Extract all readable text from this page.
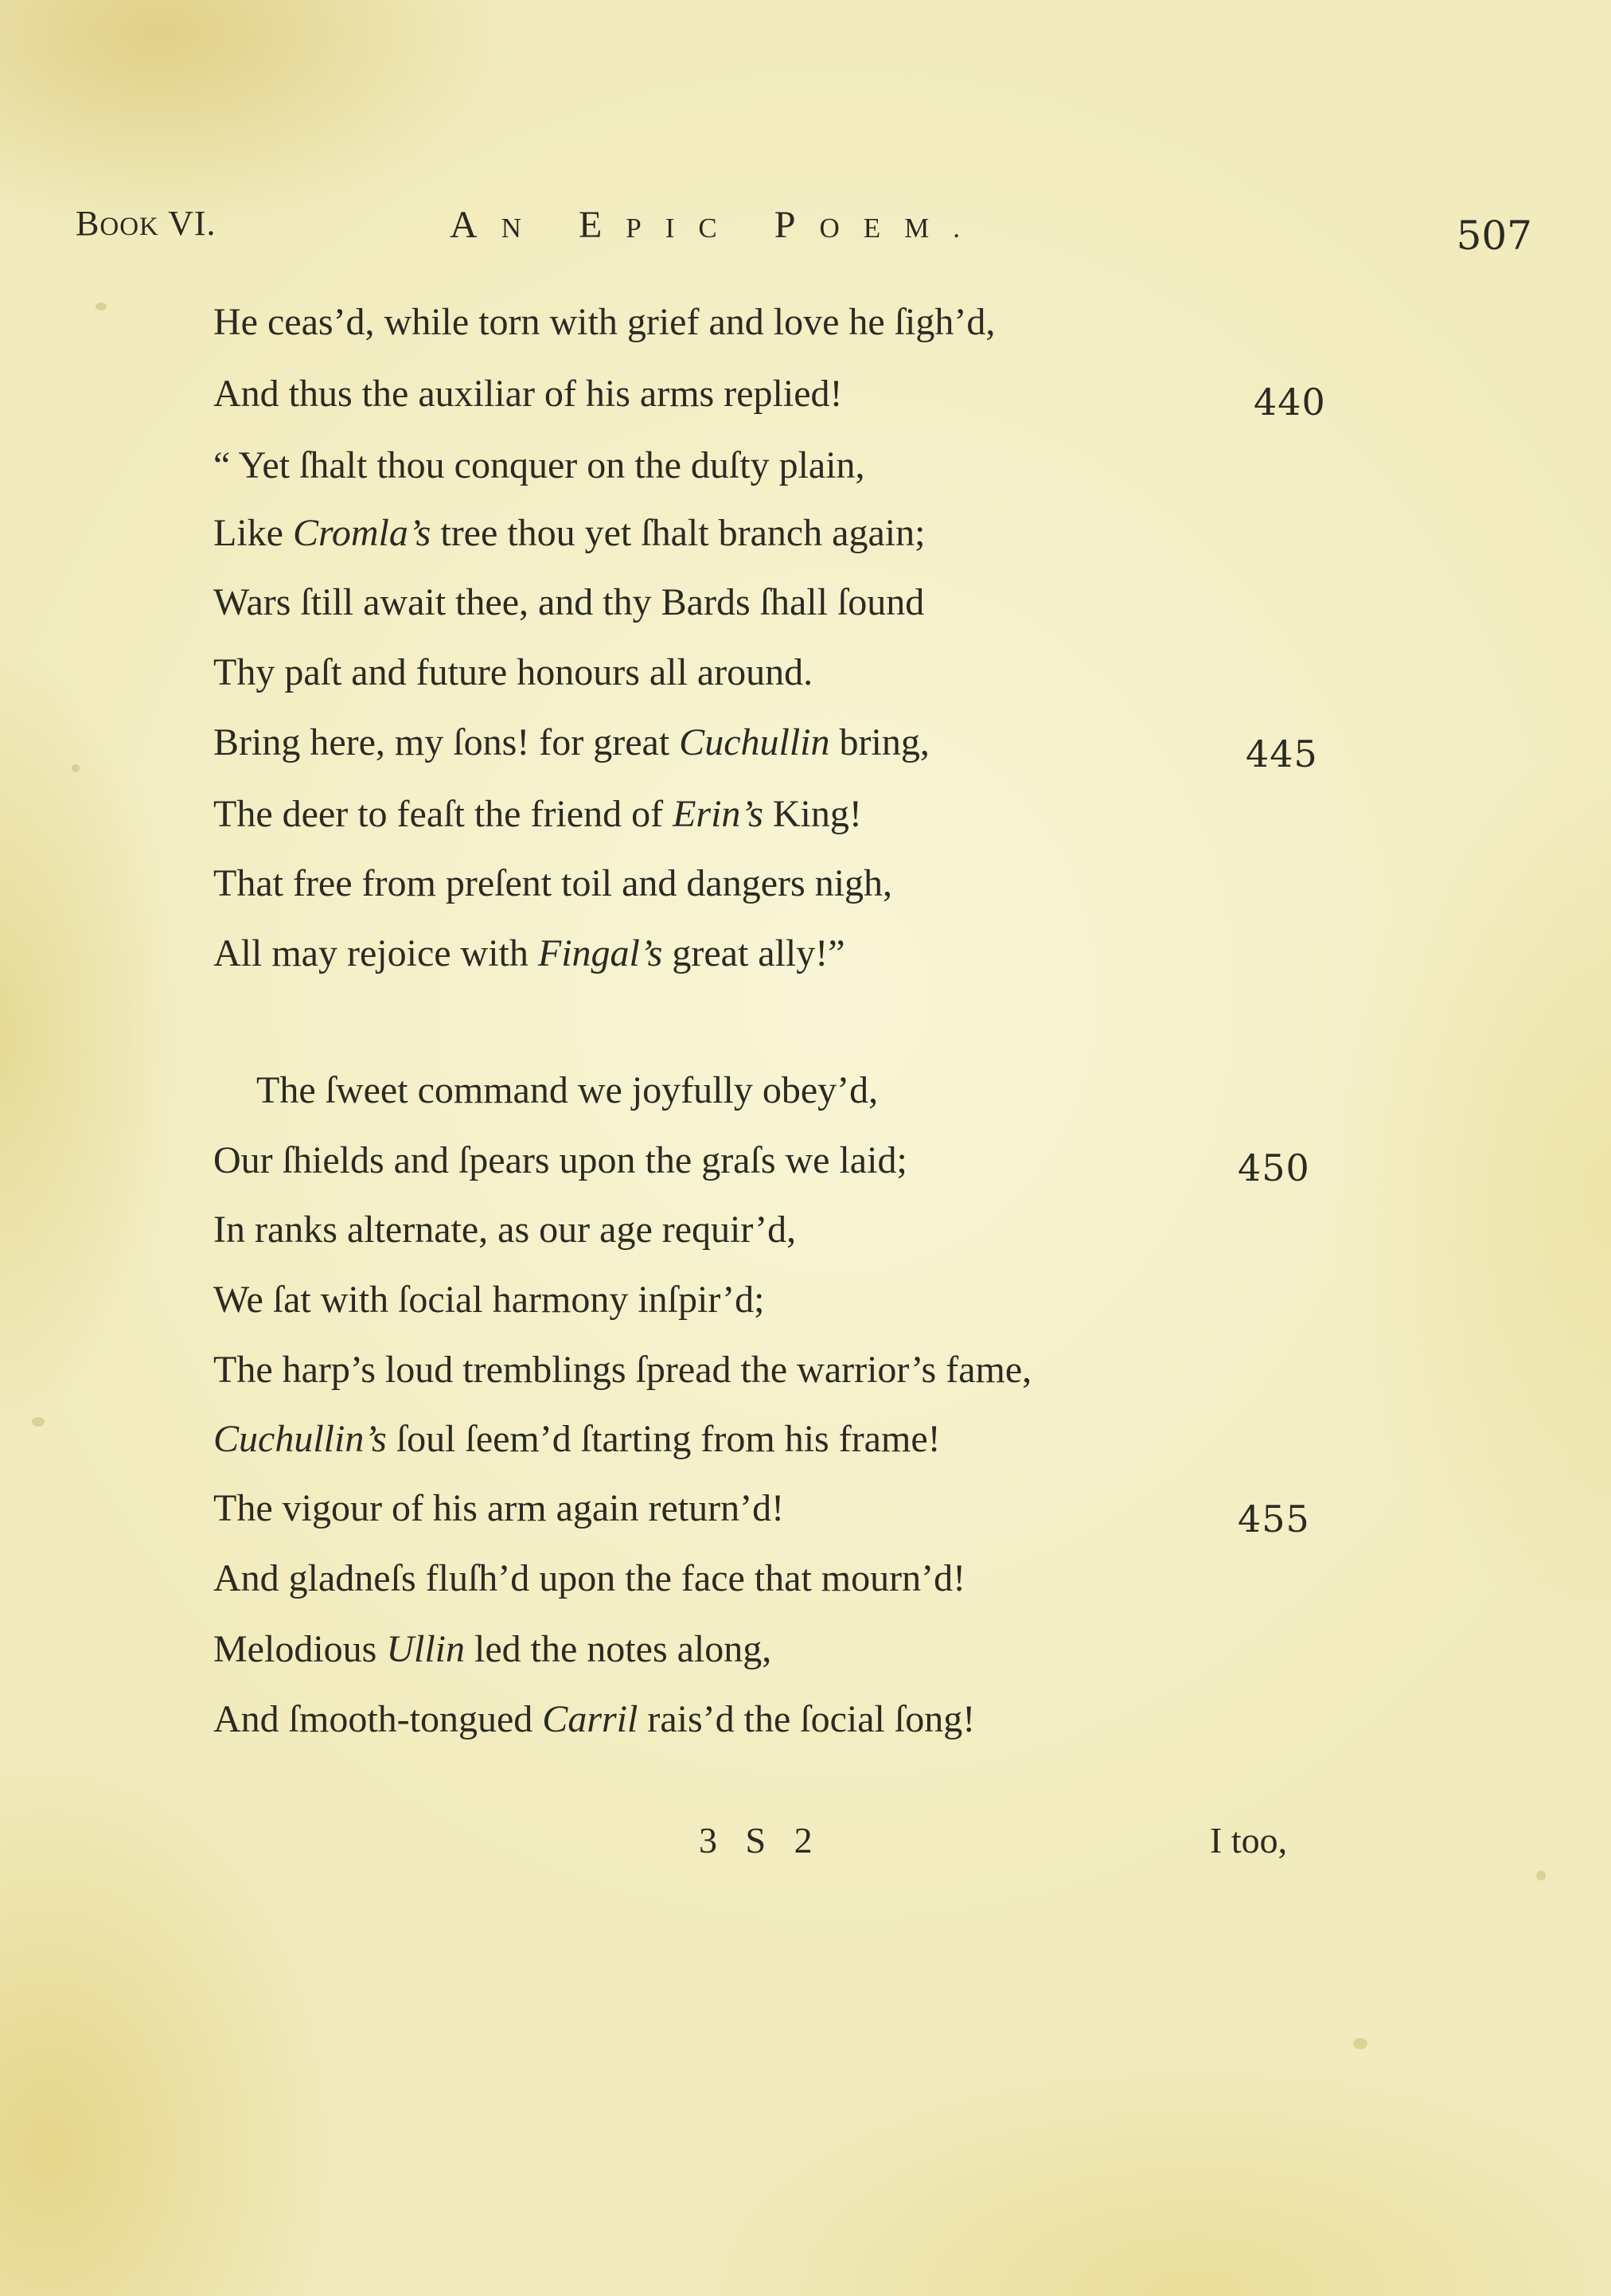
BOOK VI.	AN EPIC POEM.	507
He ceas’d, while torn with grief and love he ſigh’d,
And thus the auxiliar of his arms replied!
“ Yet ſhalt thou conquer on the duſty plain,
Like Cromla’s tree thou yet ſhalt branch again;
Wars ſtill await thee, and thy Bards ſhall ſound
Thy paſt and future honours all around.
Bring here, my ſons! for great Cuchullin bring,
The deer to feaſt the friend of Erin’s King!
That free from preſent toil and dangers nigh,
All may rejoice with Fingal’s great ally!”
The ſweet command we joyfully obey’d,
Our ſhields and ſpears upon the graſs we laid;
In ranks alternate, as our age requir’d,
We ſat with ſocial harmony inſpir’d;
The harp’s loud tremblings ſpread the warrior’s fame,
Cuchullin’s ſoul ſeem’d ſtarting from his frame!
The vigour of his arm again return’d!
And gladneſs fluſh’d upon the face that mourn’d!
Melodious Ullin led the notes along,
And ſmooth-tongued Carril rais’d the ſocial ſong!
440
445
450
455
3 S 2	I too,
